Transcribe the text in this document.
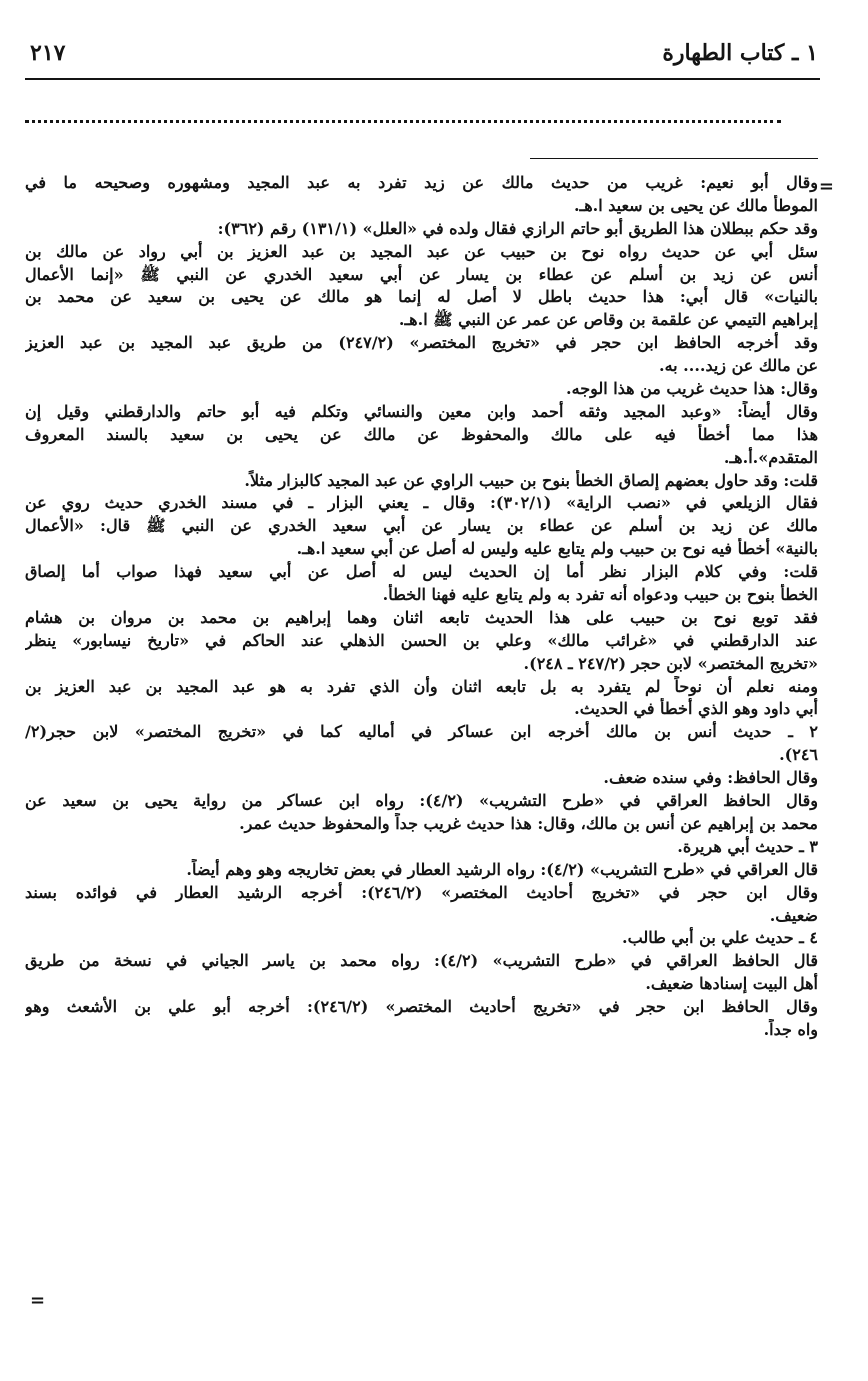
١ ـ كتاب الطهارة
٢١٧
=
=
وقال أبو نعيم: غريب من حديث مالك عن زيد تفرد به عبد المجيد ومشهوره وصحيحه ما في
الموطأ مالك عن يحيى بن سعيد ا.هـ.
وقد حكم ببطلان هذا الطريق أبو حاتم الرازي فقال ولده في «العلل» (١٣١/١) رقم (٣٦٢):
سئل أبي عن حديث رواه نوح بن حبيب عن عبد المجيد بن عبد العزيز بن أبي رواد عن مالك بن
أنس عن زيد بن أسلم عن عطاء بن يسار عن أبي سعيد الخدري عن النبي ﷺ «إنما الأعمال
بالنيات» قال أبي: هذا حديث باطل لا أصل له إنما هو مالك عن يحيى بن سعيد عن محمد بن
إبراهيم التيمي عن علقمة بن وقاص عن عمر عن النبي ﷺ ا.هـ.
وقد أخرجه الحافظ ابن حجر في «تخريج المختصر» (٢٤٧/٢) من طريق عبد المجيد بن عبد العزيز
عن مالك عن زيد.... به.
وقال: هذا حديث غريب من هذا الوجه.
وقال أيضاً: «وعبد المجيد وثقه أحمد وابن معين والنسائي وتكلم فيه أبو حاتم والدارقطني وقيل إن
هذا مما أخطأ فيه على مالك والمحفوظ عن مالك عن يحيى بن سعيد بالسند المعروف
المتقدم».أ.هـ.
قلت: وقد حاول بعضهم إلصاق الخطأ بنوح بن حبيب الراوي عن عبد المجيد كالبزار مثلاً.
فقال الزيلعي في «نصب الراية» (٣٠٢/١): وقال ـ يعني البزار ـ في مسند الخدري حديث روي عن
مالك عن زيد بن أسلم عن عطاء بن يسار عن أبي سعيد الخدري عن النبي ﷺ قال: «الأعمال
بالنية» أخطأ فيه نوح بن حبيب ولم يتابع عليه وليس له أصل عن أبي سعيد ا.هـ.
قلت: وفي كلام البزار نظر أما إن الحديث ليس له أصل عن أبي سعيد فهذا صواب أما إلصاق
الخطأ بنوح بن حبيب ودعواه أنه تفرد به ولم يتابع عليه فهنا الخطأ.
فقد توبع نوح بن حبيب على هذا الحديث تابعه اثنان وهما إبراهيم بن محمد بن مروان بن هشام
عند الدارقطني في «غرائب مالك» وعلي بن الحسن الذهلي عند الحاكم في «تاريخ نيسابور» ينظر
«تخريج المختصر» لابن حجر (٢٤٧/٢ ـ ٢٤٨).
ومنه نعلم أن نوحاً لم يتفرد به بل تابعه اثنان وأن الذي تفرد به هو عبد المجيد بن عبد العزيز بن
أبي داود وهو الذي أخطأ في الحديث.
٢ ـ حديث أنس بن مالك أخرجه ابن عساكر في أماليه كما في «تخريج المختصر» لابن حجر(٢/
٢٤٦).
وقال الحافظ: وفي سنده ضعف.
وقال الحافظ العراقي في «طرح التشريب» (٤/٢): رواه ابن عساكر من رواية يحيى بن سعيد عن
محمد بن إبراهيم عن أنس بن مالك، وقال: هذا حديث غريب جداً والمحفوظ حديث عمر.
٣ ـ حديث أبي هريرة.
قال العراقي في «طرح التشريب» (٤/٢): رواه الرشيد العطار في بعض تخاريجه وهو وهم أيضاً.
وقال ابن حجر في «تخريج أحاديث المختصر» (٢٤٦/٢): أخرجه الرشيد العطار في فوائده بسند
ضعيف.
٤ ـ حديث علي بن أبي طالب.
قال الحافظ العراقي في «طرح التشريب» (٤/٢): رواه محمد بن ياسر الجياني في نسخة من طريق
أهل البيت إسنادها ضعيف.
وقال الحافظ ابن حجر في «تخريج أحاديث المختصر» (٢٤٦/٢): أخرجه أبو علي بن الأشعث وهو
واه جداً.
